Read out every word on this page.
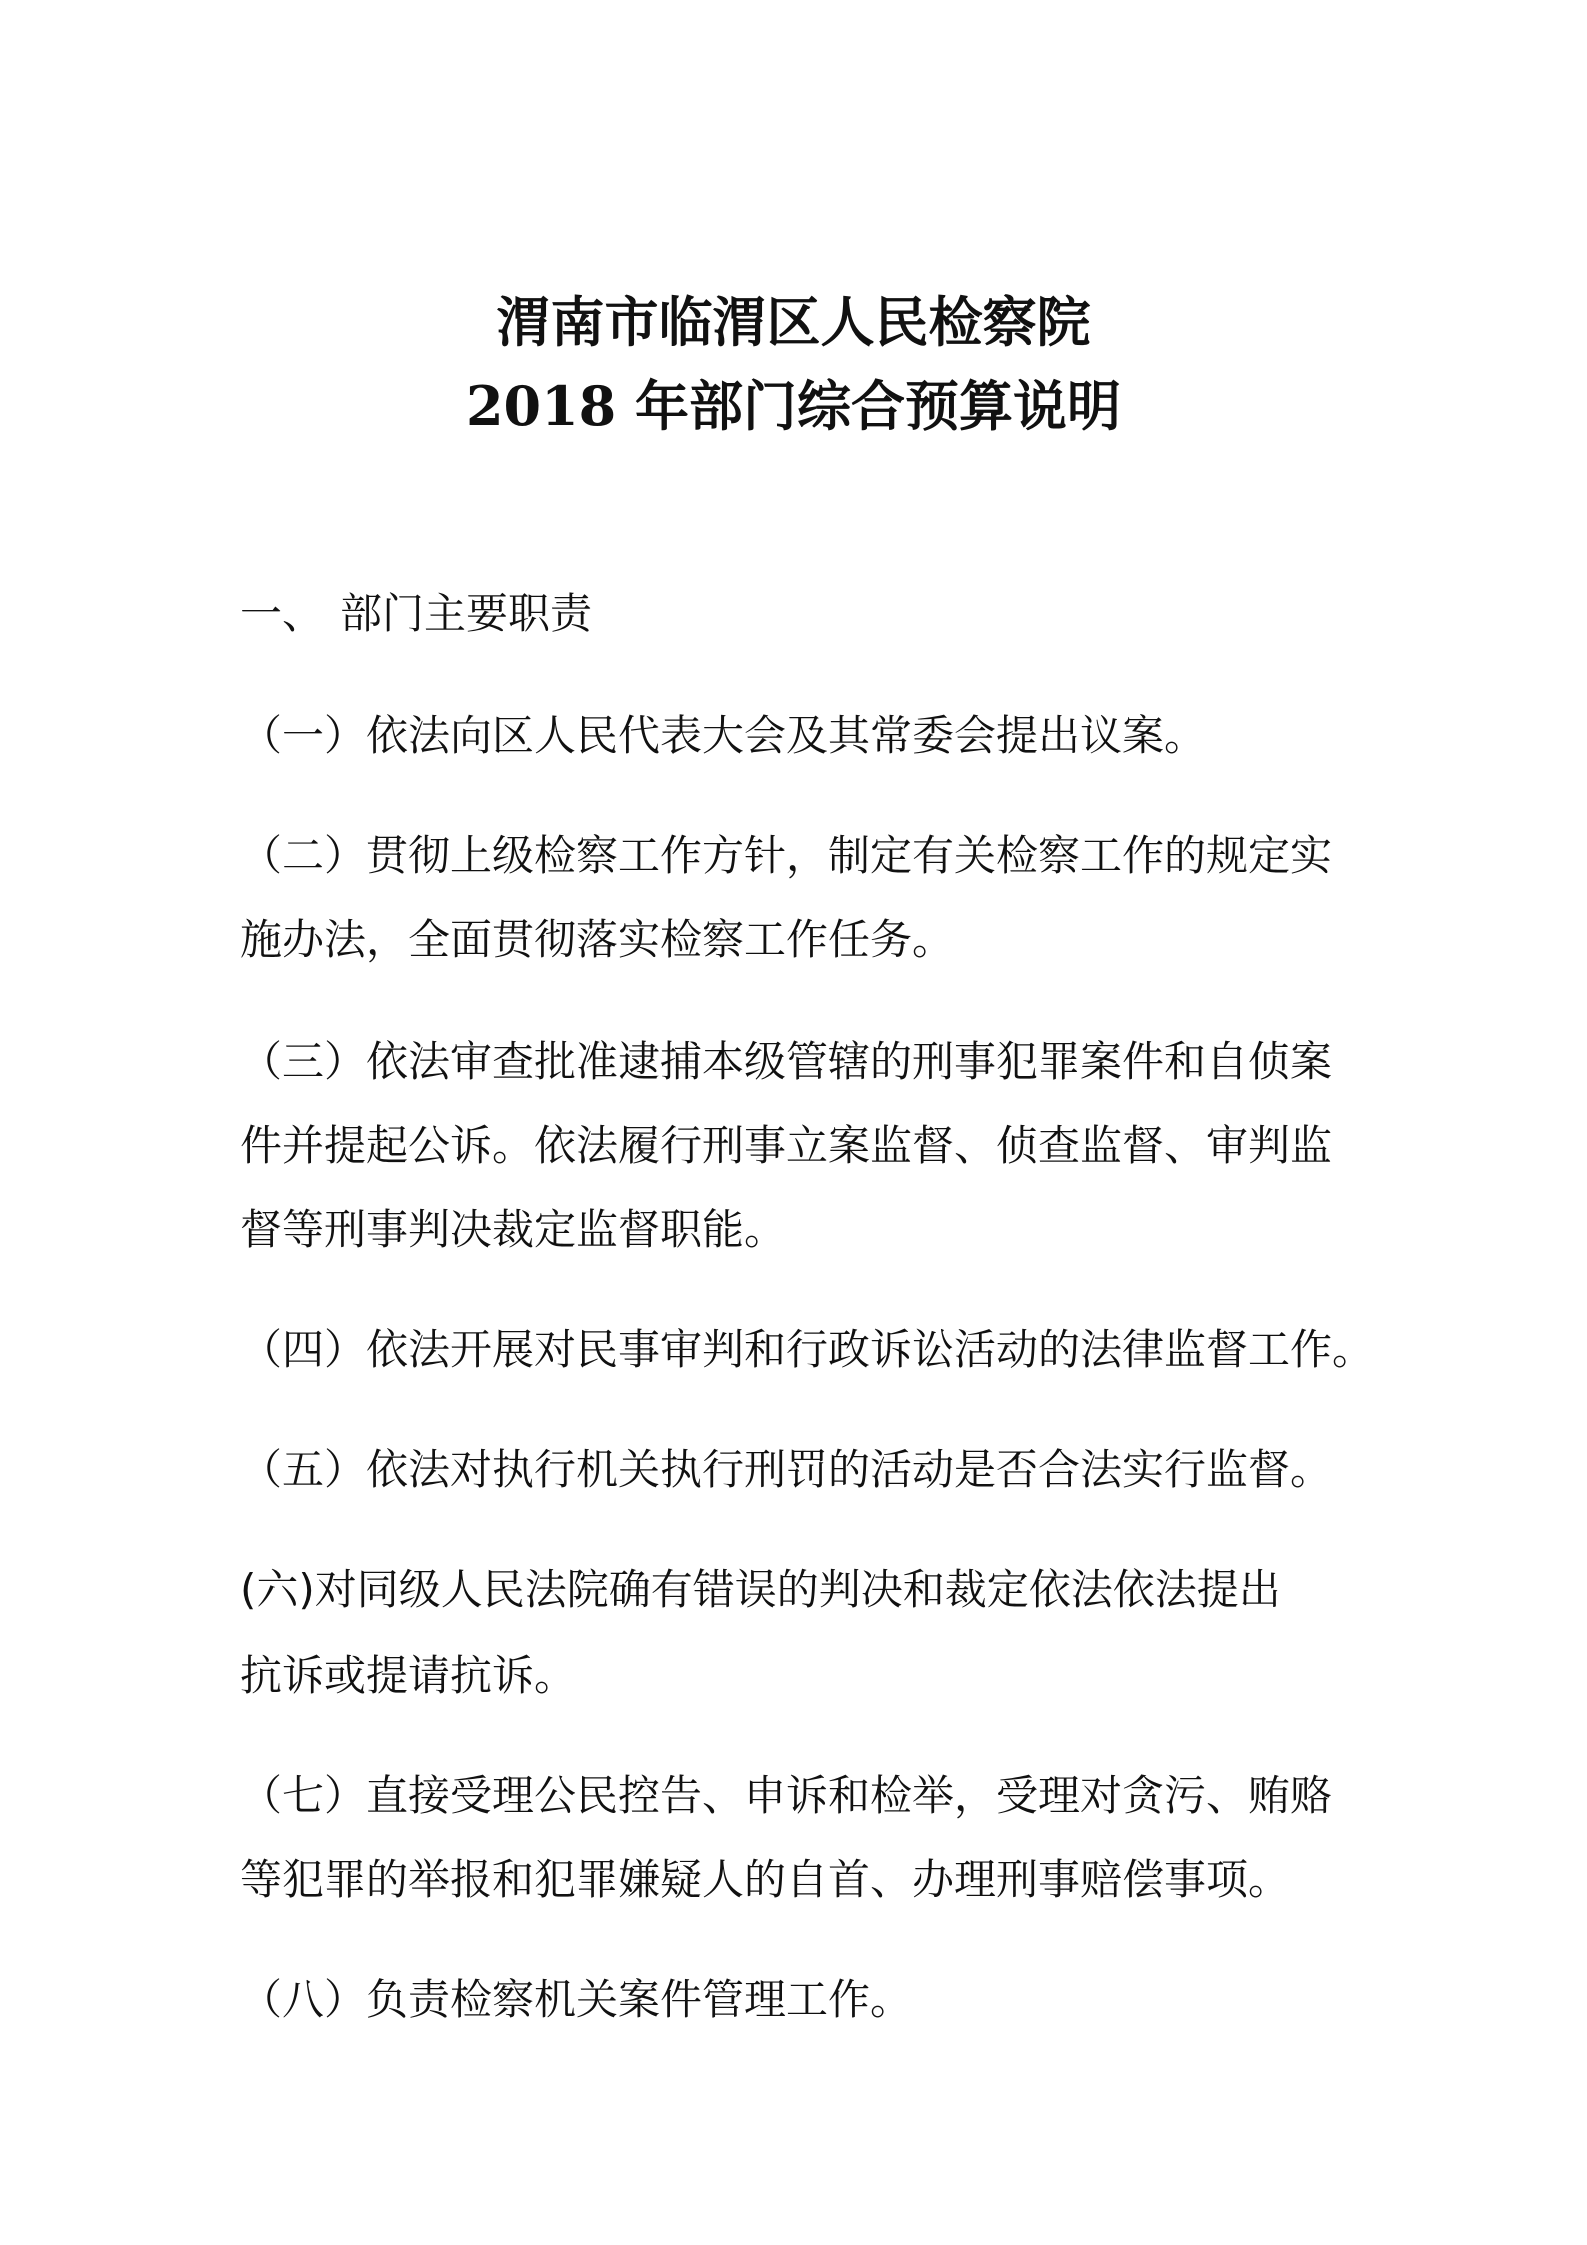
渭南市临渭区人民检察院
2018 年部门综合预算说明
一、 部门主要职责
（一）依法向区人民代表大会及其常委会提出议案。
（二）贯彻上级检察工作方针，制定有关检察工作的规定实
施办法，全面贯彻落实检察工作任务。
（三）依法审查批准逮捕本级管辖的刑事犯罪案件和自侦案
件并提起公诉。依法履行刑事立案监督、侦查监督、审判监
督等刑事判决裁定监督职能。
（四）依法开展对民事审判和行政诉讼活动的法律监督工作。
（五）依法对执行机关执行刑罚的活动是否合法实行监督。
(六)对同级人民法院确有错误的判决和裁定依法依法提出
抗诉或提请抗诉。
（七）直接受理公民控告、申诉和检举，受理对贪污、贿赂
等犯罪的举报和犯罪嫌疑人的自首、办理刑事赔偿事项。
（八）负责检察机关案件管理工作。
